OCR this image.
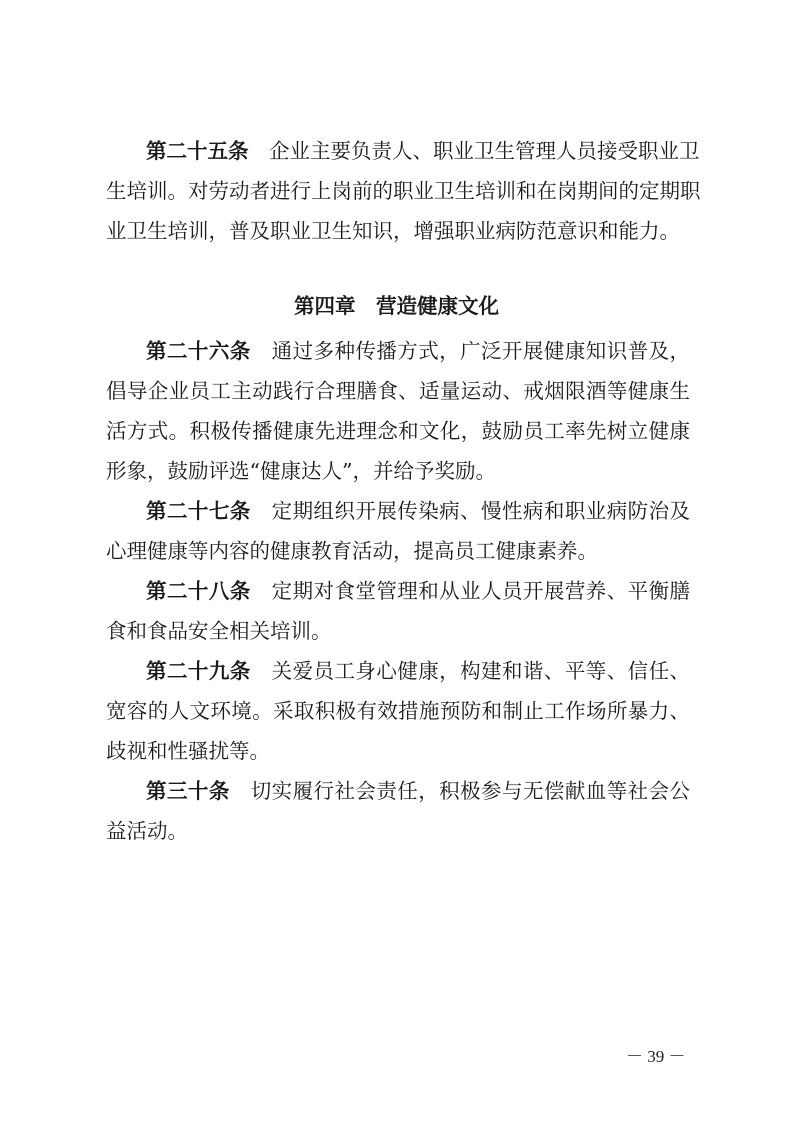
第二十五条　 企业主要负责人、职业卫生管理人员接受职业卫
生培训。对劳动者进行上岗前的职业卫生培训和在岗期间的定期职
业卫生培训，普及职业卫生知识，增强职业病防范意识和能力。
第四章　营造健康文化
第二十六条　 通过多种传播方式，广泛开展健康知识普及，
倡导企业员工主动践行合理膳食、适量运动、戒烟限酒等健康生
活方式。积极传播健康先进理念和文化，鼓励员工率先树立健康
形象，鼓励评选“健康达人”，并给予奖励。
第二十七条　 定期组织开展传染病、慢性病和职业病防治及
心理健康等内容的健康教育活动，提高员工健康素养。
第二十八条　 定期对食堂管理和从业人员开展营养、平衡膳
食和食品安全相关培训。
第二十九条　 关爱员工身心健康，构建和谐、平等、信任、
宽容的人文环境。采取积极有效措施预防和制止工作场所暴力、
歧视和性骚扰等。
第三十条　 切实履行社会责任，积极参与无偿献血等社会公
益活动。
－ 39 －
